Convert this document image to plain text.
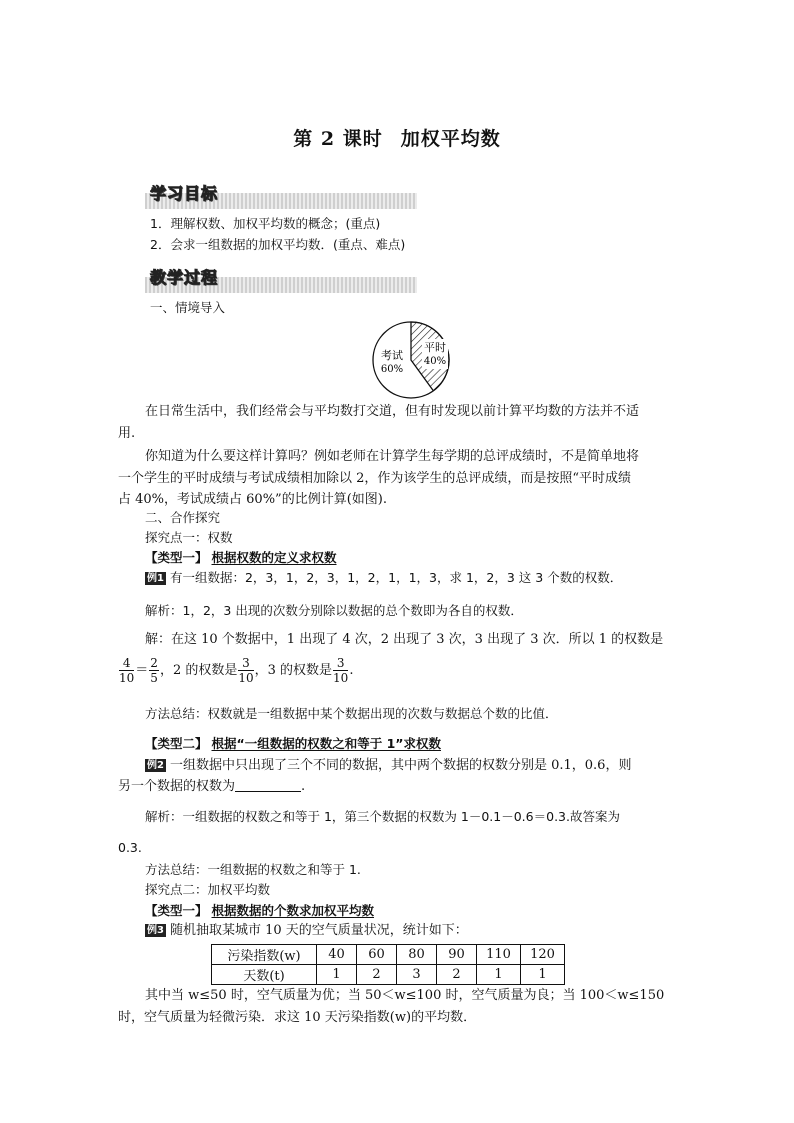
第 2 课时 加权平均数
学习目标
1．理解权数、加权平均数的概念；(重点)
2．会求一组数据的加权平均数．(重点、难点)
教学过程
一、情境导入
平时
40%
考试
60%
在日常生活中，我们经常会与平均数打交道，但有时发现以前计算平均数的方法并不适
用.
你知道为什么要这样计算吗？例如老师在计算学生每学期的总评成绩时，不是简单地将
一个学生的平时成绩与考试成绩相加除以 2，作为该学生的总评成绩，而是按照“平时成绩
占 40%，考试成绩占 60%”的比例计算(如图).
二、合作探究
探究点一：权数
【类型一】 根据权数的定义求权数
例1 有一组数据：2，3，1，2，3，1，2，1，1，3，求 1，2，3 这 3 个数的权数．
解析：1，2，3 出现的次数分别除以数据的总个数即为各自的权数．
解：在这 10 个数据中，1 出现了 4 次，2 出现了 3 次，3 出现了 3 次．所以 1 的权数是
$\frac{4}{10} = \frac{2}{5}$ ，2 的权数是 $\frac{3}{10}$ ，3 的权数是 $\frac{3}{10}$ .
方法总结：权数就是一组数据中某个数据出现的次数与数据总个数的比值．
【类型二】 根据“一组数据的权数之和等于 1”求权数
例2 一组数据中只出现了三个不同的数据，其中两个数据的权数分别是 0.1，0.6，则
另一个数据的权数为	.
解析：一组数据的权数之和等于 1，第三个数据的权数为 1－0.1－0.6＝0.3.故答案为
0.3.
方法总结：一组数据的权数之和等于 1.
探究点二：加权平均数
【类型一】 根据数据的个数求加权平均数
例3 随机抽取某城市 10 天的空气质量状况，统计如下：
污染指数(w)	40	60	80	90	110	120
天数(t)	1	2	3	2	1	1
其中当 w≤50 时，空气质量为优；当 50＜w≤100 时，空气质量为良；当 100＜w≤150
时，空气质量为轻微污染．求这 10 天污染指数(w)的平均数．
